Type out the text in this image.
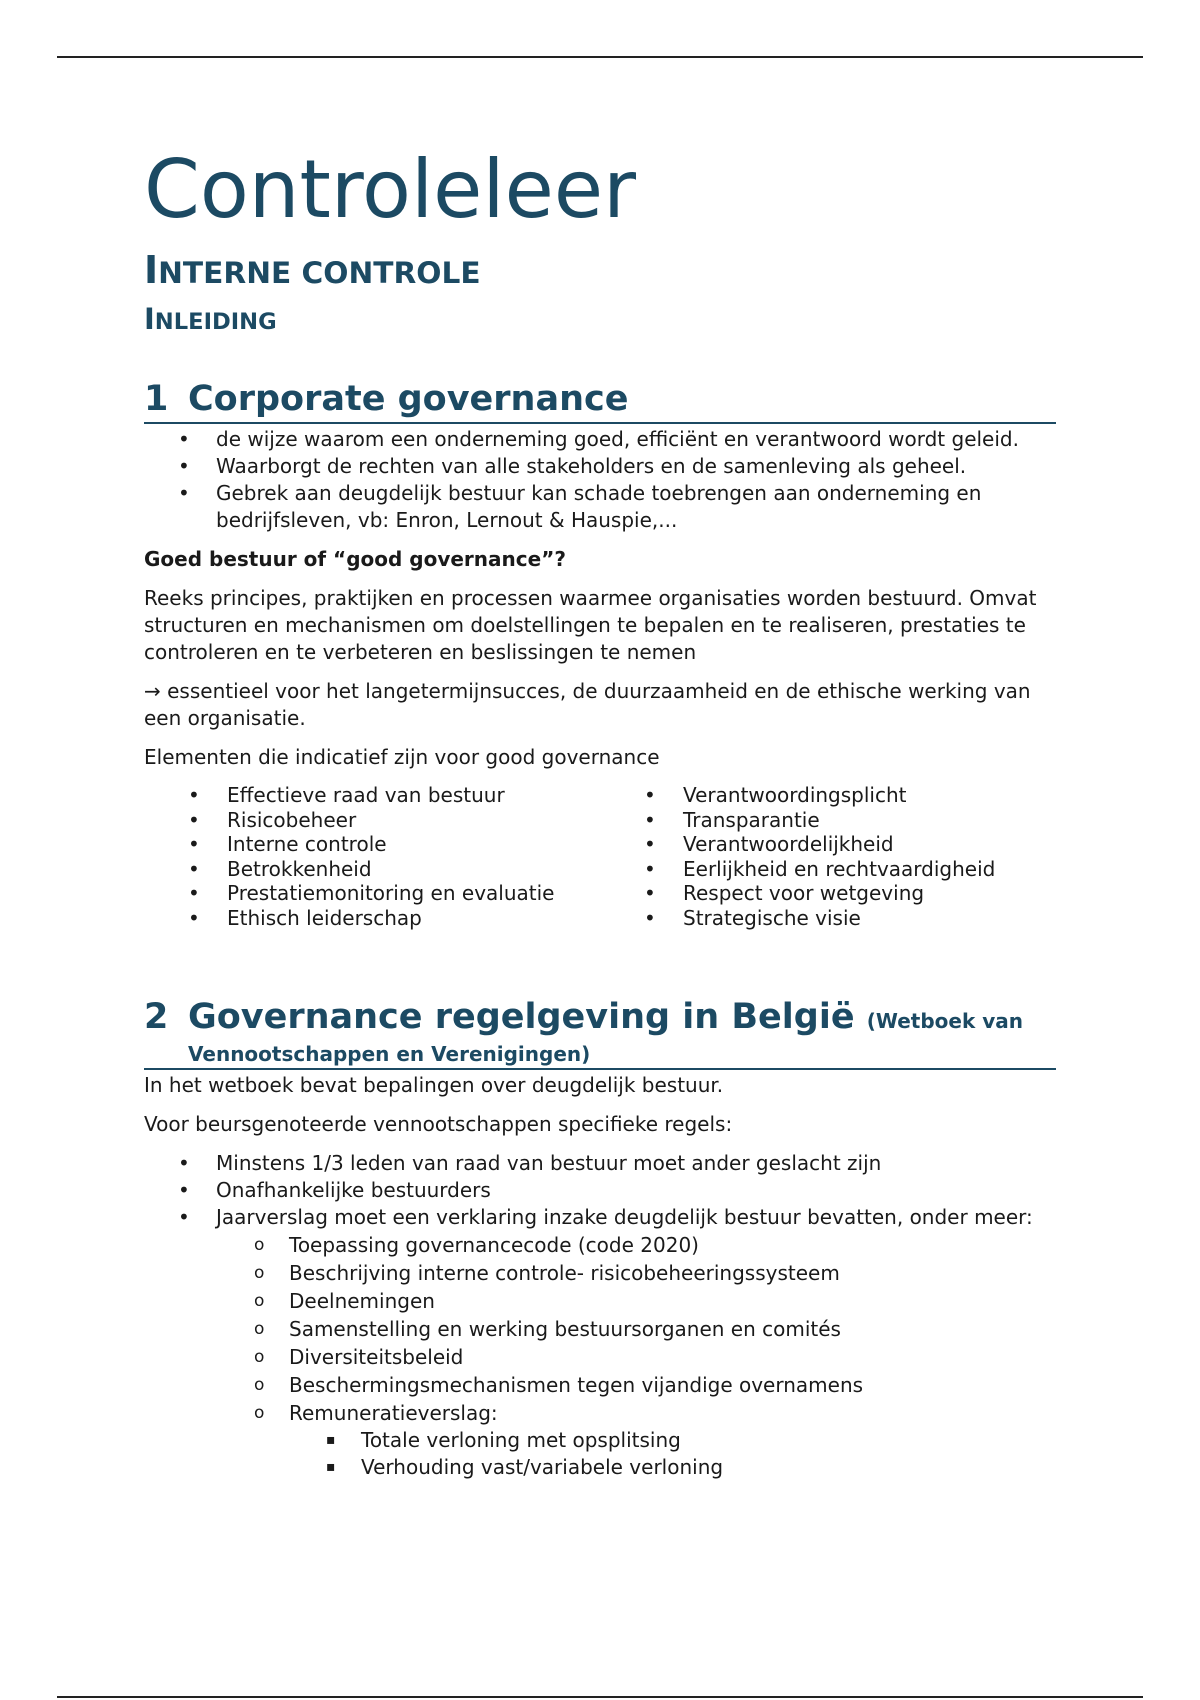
Controleleer
INTERNE CONTROLE
INLEIDING
1 Corporate governance
• de wijze waarom een onderneming goed, efficiënt en verantwoord wordt geleid.
• Waarborgt de rechten van alle stakeholders en de samenleving als geheel.
• Gebrek aan deugdelijk bestuur kan schade toebrengen aan onderneming en bedrijfsleven, vb: Enron, Lernout & Hauspie,...

Goed bestuur of “good governance”?

Reeks principes, praktijken en processen waarmee organisaties worden bestuurd. Omvat structuren en mechanismen om doelstellingen te bepalen en te realiseren, prestaties te controleren en te verbeteren en beslissingen te nemen

→ essentieel voor het langetermijnsucces, de duurzaamheid en de ethische werking van een organisatie.

Elementen die indicatief zijn voor good governance

• Effectieve raad van bestuur
• Risicobeheer
• Interne controle
• Betrokkenheid
• Prestatiemonitoring en evaluatie
• Ethisch leiderschap
• Verantwoordingsplicht
• Transparantie
• Verantwoordelijkheid
• Eerlijkheid en rechtvaardigheid
• Respect voor wetgeving
• Strategische visie
2 Governance regelgeving in België (Wetboek van
Vennootschappen en Verenigingen)

In het wetboek bevat bepalingen over deugdelijk bestuur.

Voor beursgenoteerde vennootschappen specifieke regels:

• Minstens 1/3 leden van raad van bestuur moet ander geslacht zijn
• Onafhankelijke bestuurders
• Jaarverslag moet een verklaring inzake deugdelijk bestuur bevatten, onder meer:
o Toepassing governancecode (code 2020)
o Beschrijving interne controle- risicobeheeringssysteem
o Deelnemingen
o Samenstelling en werking bestuursorganen en comités
o Diversiteitsbeleid
o Beschermingsmechanismen tegen vijandige overnamens
o Remuneratieverslag:
▪ Totale verloning met opsplitsing
▪ Verhouding vast/variabele verloning
